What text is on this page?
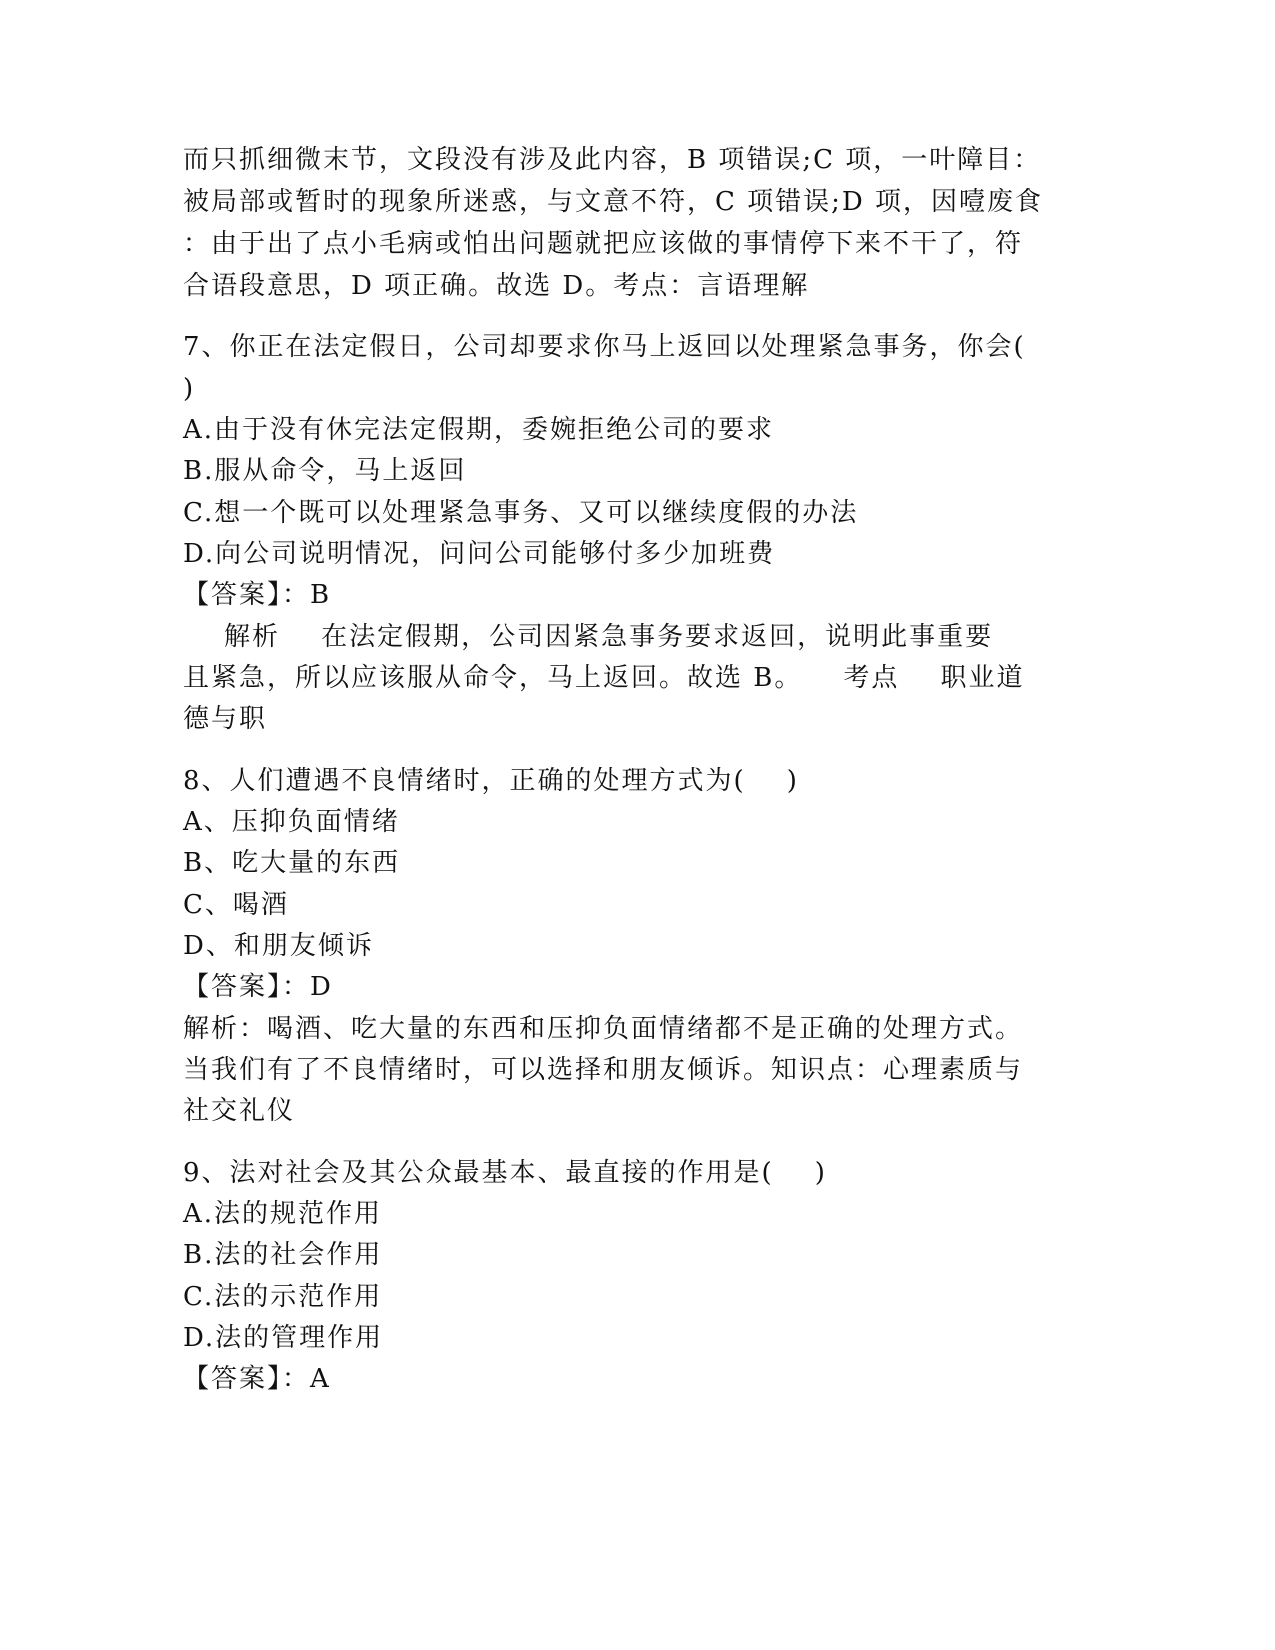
而只抓细微末节，文段没有涉及此内容，B 项错误;C 项，一叶障目：
被局部或暂时的现象所迷惑，与文意不符，C 项错误;D 项，因噎废食
：由于出了点小毛病或怕出问题就把应该做的事情停下来不干了，符
合语段意思，D 项正确。故选 D。考点：言语理解
7、你正在法定假日，公司却要求你马上返回以处理紧急事务，你会(
)
A.由于没有休完法定假期，委婉拒绝公司的要求
B.服从命令，马上返回
C.想一个既可以处理紧急事务、又可以继续度假的办法
D.向公司说明情况，问问公司能够付多少加班费
【答案】：B
解析    在法定假期，公司因紧急事务要求返回，说明此事重要
且紧急，所以应该服从命令，马上返回。故选 B。    考点    职业道
德与职
8、人们遭遇不良情绪时，正确的处理方式为(    )
A、压抑负面情绪
B、吃大量的东西
C、喝酒
D、和朋友倾诉
【答案】：D
解析：喝酒、吃大量的东西和压抑负面情绪都不是正确的处理方式。
当我们有了不良情绪时，可以选择和朋友倾诉。知识点：心理素质与
社交礼仪
9、法对社会及其公众最基本、最直接的作用是(    )
A.法的规范作用
B.法的社会作用
C.法的示范作用
D.法的管理作用
【答案】：A
